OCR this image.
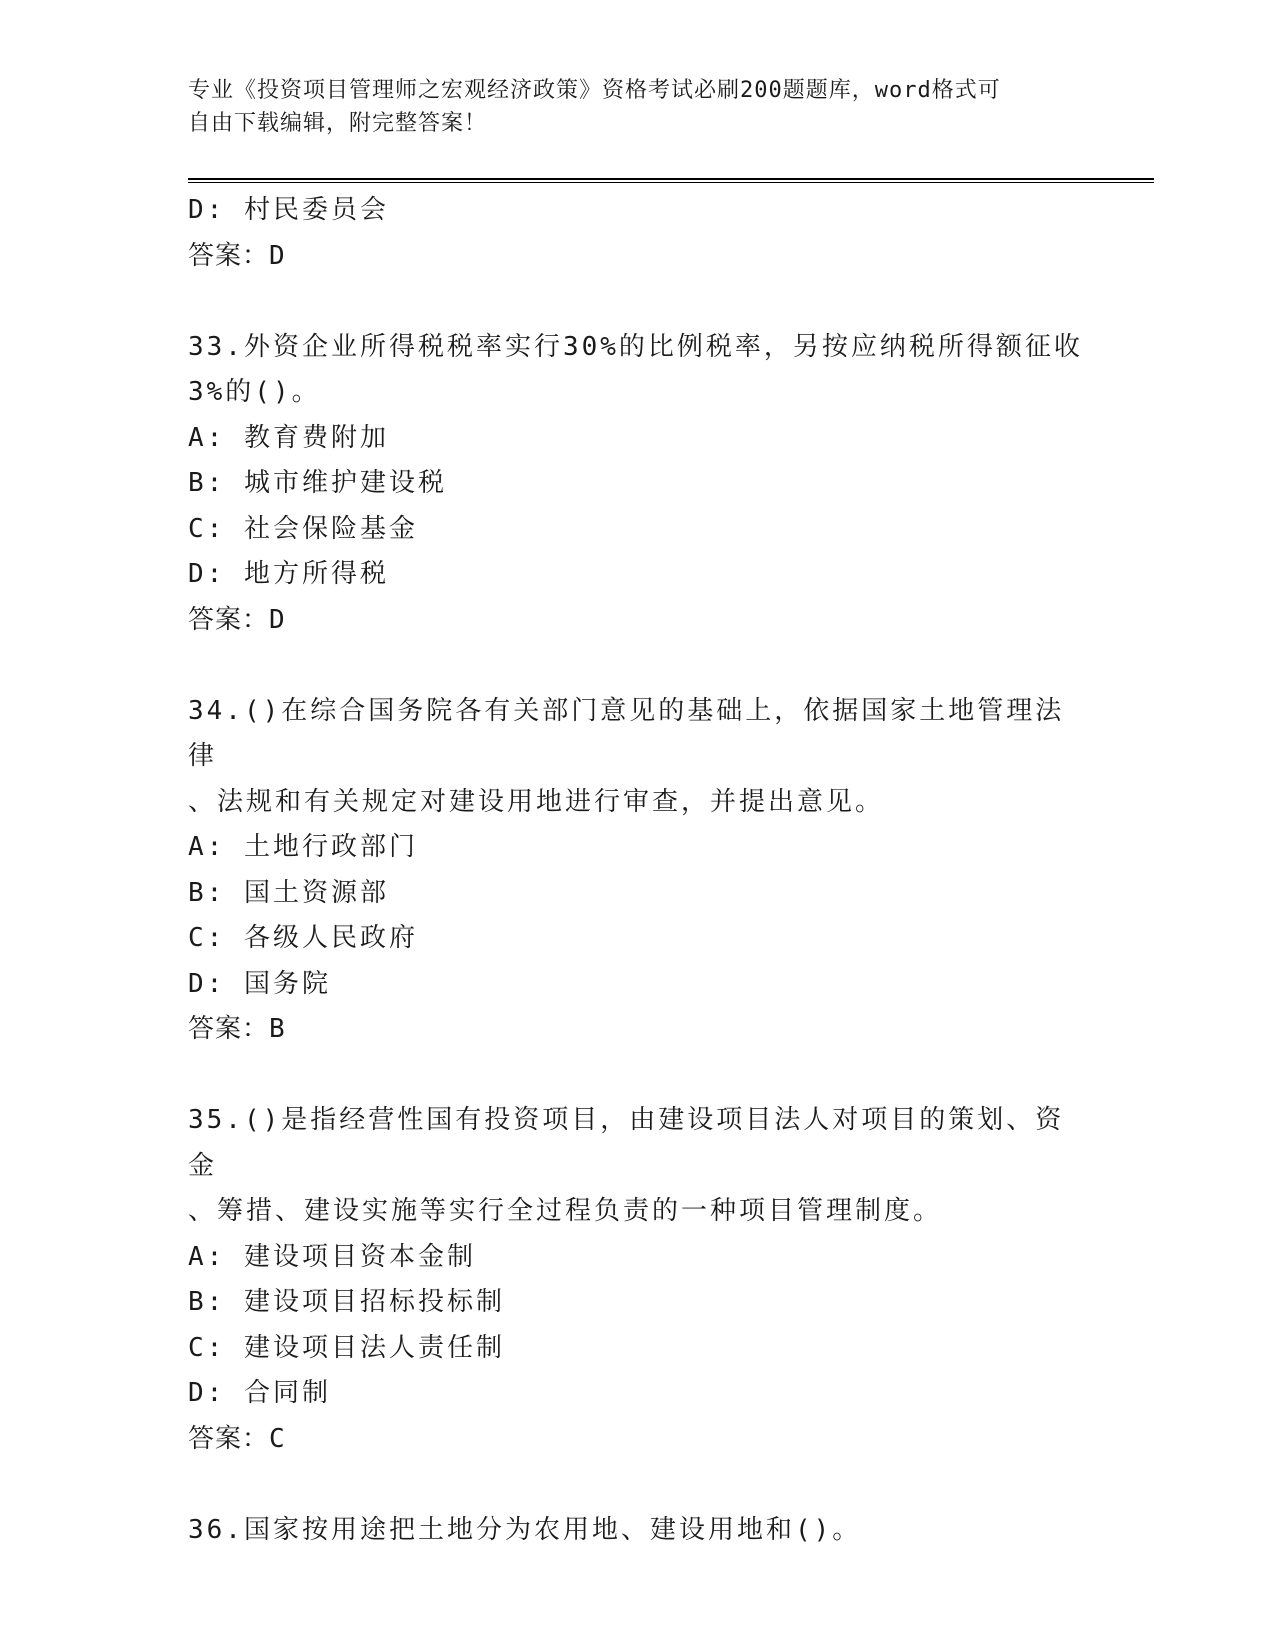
专业《投资项目管理师之宏观经济政策》资格考试必刷200题题库，word格式可
自由下载编辑，附完整答案！
D: 村民委员会
答案：D
33.外资企业所得税税率实行30%的比例税率，另按应纳税所得额征收
3%的()。
A: 教育费附加
B: 城市维护建设税
C: 社会保险基金
D: 地方所得税
答案：D
34.()在综合国务院各有关部门意见的基础上，依据国家土地管理法律
、法规和有关规定对建设用地进行审查，并提出意见。
A: 土地行政部门
B: 国土资源部
C: 各级人民政府
D: 国务院
答案：B
35.()是指经营性国有投资项目，由建设项目法人对项目的策划、资金
、筹措、建设实施等实行全过程负责的一种项目管理制度。
A: 建设项目资本金制
B: 建设项目招标投标制
C: 建设项目法人责任制
D: 合同制
答案：C
36.国家按用途把土地分为农用地、建设用地和()。
